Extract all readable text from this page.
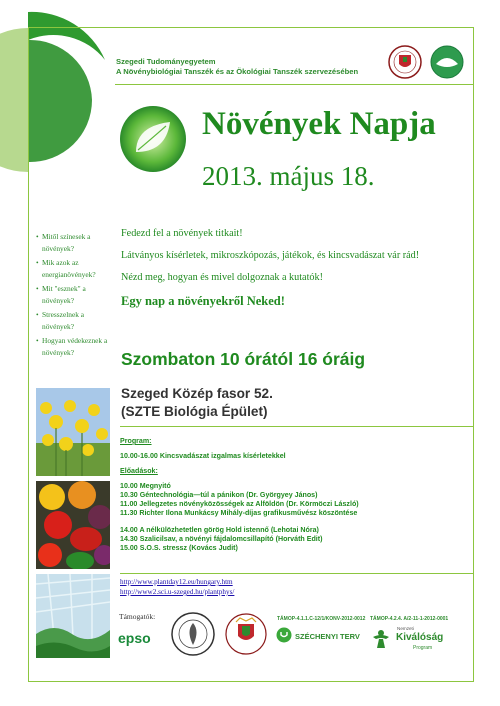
Szegedi Tudományegyetem
A Növénybiológiai Tanszék és az Ökológiai Tanszék szervezésében
Növények Napja
2013. május 18.
• Mitől színesek a növények?
• Mik azok az energianövények?
• Mit "esznek" a növények?
• Stresszelnek a növények?
• Hogyan védekeznek a növények?

Fedezd fel a növények titkait!

Látványos kísérletek, mikroszkópozás, játékok, és kincsvadászat vár rád!

Nézd meg, hogyan és mivel dolgoznak a kutatók!

Egy nap a növényekről Neked!
Szombaton 10 órától 16 óráig
Szeged Közép fasor 52.
(SZTE Biológia Épület)
Program:
10.00-16.00 Kincsvadászat izgalmas kísérletekkel
Előadások:
10.00 Megnyitó
10.30 Géntechnológia—túl a pánikon (Dr. Györgyey János)
11.00 Jellegzetes növényközösségek az Alföldön (Dr. Körmöczi László)
11.30 Richter Ilona Munkácsy Mihály-díjas grafikusművész köszöntése
14.00 A nélkülözhetetlen görög Hold istennő (Lehotai Nóra)
14.30 Szalicilsav, a növényi fájdalomcsillapító (Horváth Edit)
15.00 S.O.S. stressz (Kovács Judit)
http://www.plantday12.eu/hungary.htm
http://www2.sci.u-szeged.hu/plantphys/
Támogatók:
epso
TÁMOP-4.1.1.C-12/1/KONV-2012-0012
SZÉCHENYI TERV
TÁMOP-4.2.4. A/2-11-1-2012-0001
Nemzeti
Kiválóság
Program
